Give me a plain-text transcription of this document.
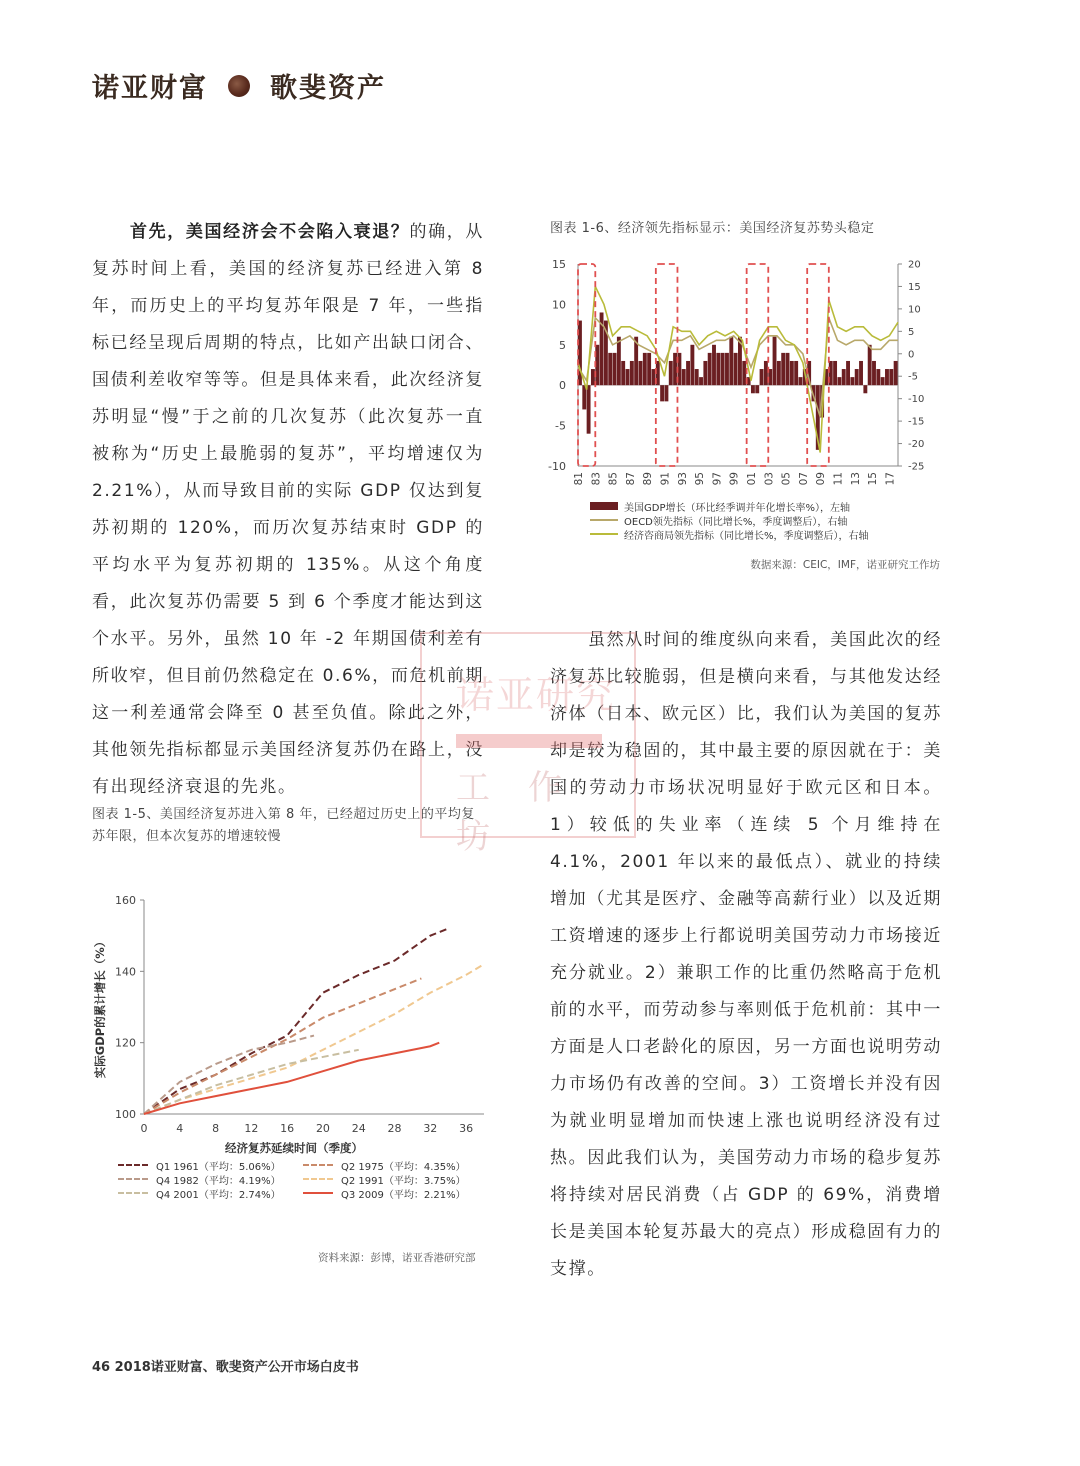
诺亚财富 歌斐资产

首先，美国经济会不会陷入衰退？的确，从复苏时间上看，美国的经济复苏已经进入第 8 年，而历史上的平均复苏年限是 7 年，一些指标已经呈现后周期的特点，比如产出缺口闭合、国债利差收窄等等。但是具体来看，此次经济复苏明显“慢”于之前的几次复苏（此次复苏一直被称为“历史上最脆弱的复苏”，平均增速仅为 2.21%），从而导致目前的实际 GDP 仅达到复苏初期的 120%，而历次复苏结束时 GDP 的平均水平为复苏初期的 135%。从这个角度看，此次复苏仍需要 5 到 6 个季度才能达到这个水平。另外，虽然 10 年 -2 年期国债利差有所收窄，但目前仍然稳定在 0.6%，而危机前期这一利差通常会降至 0 甚至负值。除此之外，其他领先指标都显示美国经济复苏仍在路上，没有出现经济衰退的先兆。

图表 1-6、经济领先指标显示：美国经济复苏势头稳定
15
10
5
0
-5
-10
20
15
10
5
0
-5
-10
-15
-20
-25
81 83 85 87 89 91 93 95 97 99 01 03 05 07 09 11 13 15 17
美国GDP增长（环比经季调并年化增长率%），左轴
OECD领先指标（同比增长%，季度调整后），右轴
经济咨商局领先指标（同比增长%，季度调整后），右轴
数据来源：CEIC，IMF，诺亚研究工作坊

虽然从时间的维度纵向来看，美国此次的经济复苏比较脆弱，但是横向来看，与其他发达经济体（日本、欧元区）比，我们认为美国的复苏却是较为稳固的，其中最主要的原因就在于：美国的劳动力市场状况明显好于欧元区和日本。1）较低的失业率（连续 5 个月维持在 4.1%，2001 年以来的最低点）、就业的持续增加（尤其是医疗、金融等高薪行业）以及近期工资增速的逐步上行都说明美国劳动力市场接近充分就业。2）兼职工作的比重仍然略高于危机前的水平，而劳动参与率则低于危机前：其中一方面是人口老龄化的原因，另一方面也说明劳动力市场仍有改善的空间。3）工资增长并没有因为就业明显增加而快速上涨也说明经济没有过热。因此我们认为，美国劳动力市场的稳步复苏将持续对居民消费（占 GDP 的 69%，消费增长是美国本轮复苏最大的亮点）形成稳固有力的支撑。

图表 1-5、美国经济复苏进入第 8 年，已经超过历史上的平均复苏年限，但本次复苏的增速较慢
160
140
120
100
0	4	8 12 16 20 24 28 32 36
经济复苏延续时间（季度）
实际GDP的累计增长（%）
Q1 1961（平均：5.06%）	Q2 1975（平均：4.35%）
Q4 1982（平均：4.19%）	Q2 1991（平均：3.75%）
Q4 2001（平均：2.74%）	Q3 2009（平均：2.21%）
资料来源：彭博，诺亚香港研究部
诺亚研究
工作坊
46 2018诺亚财富、歌斐资产公开市场白皮书
